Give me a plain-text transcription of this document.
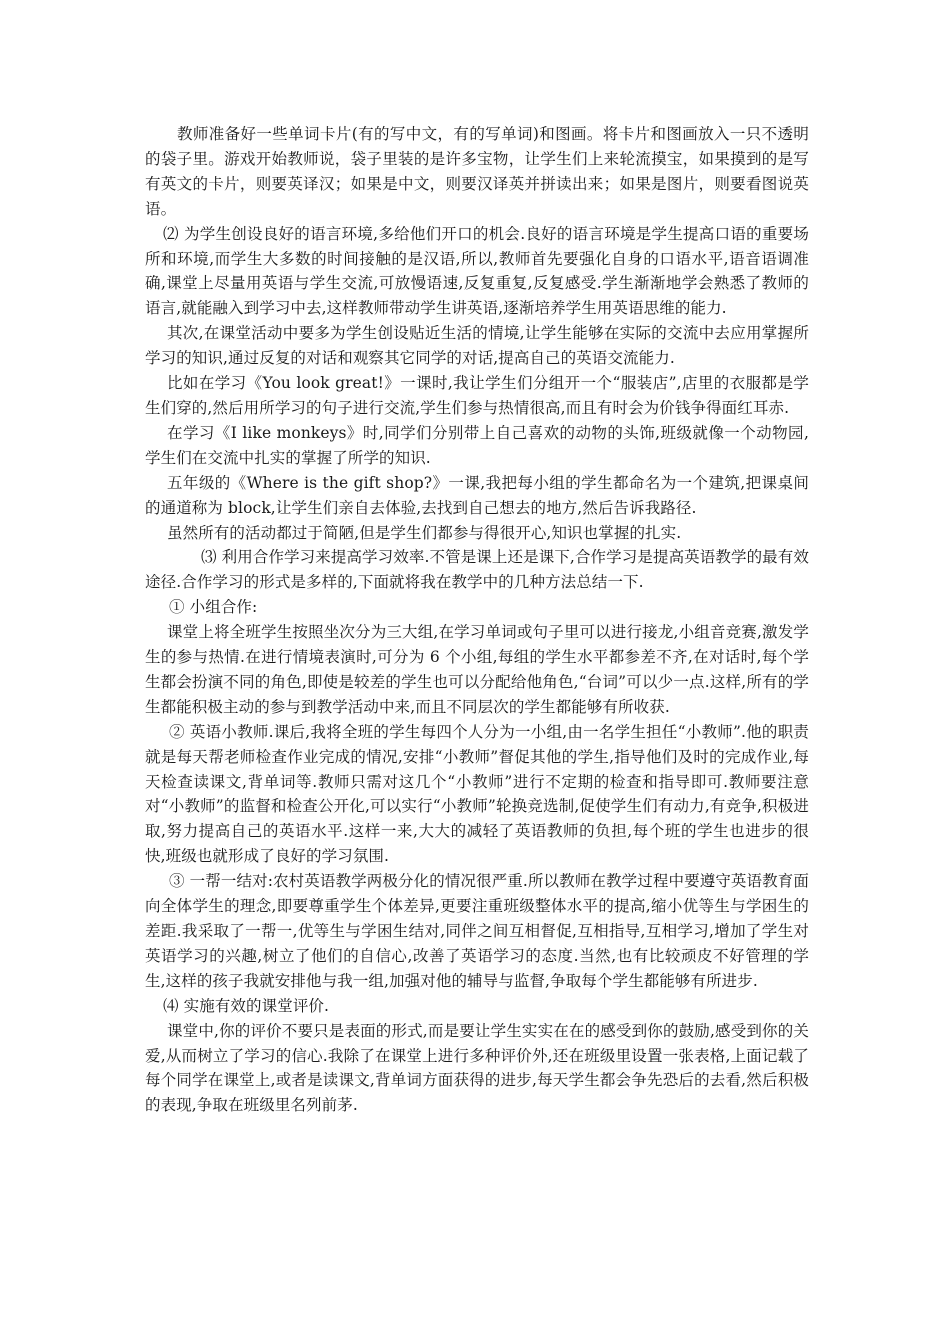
教师准备好一些单词卡片(有的写中文，有的写单词)和图画。将卡片和图画放入一只不透明的袋子里。游戏开始教师说，袋子里装的是许多宝物，让学生们上来轮流摸宝，如果摸到的是写有英文的卡片，则要英译汉；如果是中文，则要汉译英并拼读出来；如果是图片，则要看图说英语。

⑵ 为学生创设良好的语言环境,多给他们开口的机会.良好的语言环境是学生提高口语的重要场所和环境,而学生大多数的时间接触的是汉语,所以,教师首先要强化自身的口语水平,语音语调准确,课堂上尽量用英语与学生交流,可放慢语速,反复重复,反复感受.学生渐渐地学会熟悉了教师的语言,就能融入到学习中去,这样教师带动学生讲英语,逐渐培养学生用英语思维的能力.

其次,在课堂活动中要多为学生创设贴近生活的情境,让学生能够在实际的交流中去应用掌握所学习的知识,通过反复的对话和观察其它同学的对话,提高自己的英语交流能力.

比如在学习《You look great!》一课时,我让学生们分组开一个“服装店”,店里的衣服都是学生们穿的,然后用所学习的句子进行交流,学生们参与热情很高,而且有时会为价钱争得面红耳赤.

在学习《I like monkeys》时,同学们分别带上自己喜欢的动物的头饰,班级就像一个动物园,学生们在交流中扎实的掌握了所学的知识.

五年级的《Where is the gift shop?》一课,我把每小组的学生都命名为一个建筑,把课桌间的通道称为 block,让学生们亲自去体验,去找到自己想去的地方,然后告诉我路径.

虽然所有的活动都过于简陋,但是学生们都参与得很开心,知识也掌握的扎实.

⑶ 利用合作学习来提高学习效率.不管是课上还是课下,合作学习是提高英语教学的最有效途径.合作学习的形式是多样的,下面就将我在教学中的几种方法总结一下.

① 小组合作:

课堂上将全班学生按照坐次分为三大组,在学习单词或句子里可以进行接龙,小组音竞赛,激发学生的参与热情.在进行情境表演时,可分为 6 个小组,每组的学生水平都参差不齐,在对话时,每个学生都会扮演不同的角色,即使是较差的学生也可以分配给他角色,“台词”可以少一点.这样,所有的学生都能积极主动的参与到教学活动中来,而且不同层次的学生都能够有所收获.

② 英语小教师.课后,我将全班的学生每四个人分为一小组,由一名学生担任“小教师”.他的职责就是每天帮老师检查作业完成的情况,安排“小教师”督促其他的学生,指导他们及时的完成作业,每天检查读课文,背单词等.教师只需对这几个“小教师”进行不定期的检查和指导即可.教师要注意对“小教师”的监督和检查公开化,可以实行“小教师”轮换竞选制,促使学生们有动力,有竞争,积极进取,努力提高自己的英语水平.这样一来,大大的减轻了英语教师的负担,每个班的学生也进步的很快,班级也就形成了良好的学习氛围.

③ 一帮一结对:农村英语教学两极分化的情况很严重.所以教师在教学过程中要遵守英语教育面向全体学生的理念,即要尊重学生个体差异,更要注重班级整体水平的提高,缩小优等生与学困生的差距.我采取了一帮一,优等生与学困生结对,同伴之间互相督促,互相指导,互相学习,增加了学生对英语学习的兴趣,树立了他们的自信心,改善了英语学习的态度.当然,也有比较顽皮不好管理的学生,这样的孩子我就安排他与我一组,加强对他的辅导与监督,争取每个学生都能够有所进步.

⑷ 实施有效的课堂评价.

课堂中,你的评价不要只是表面的形式,而是要让学生实实在在的感受到你的鼓励,感受到你的关爱,从而树立了学习的信心.我除了在课堂上进行多种评价外,还在班级里设置一张表格,上面记载了每个同学在课堂上,或者是读课文,背单词方面获得的进步,每天学生都会争先恐后的去看,然后积极的表现,争取在班级里名列前茅.
